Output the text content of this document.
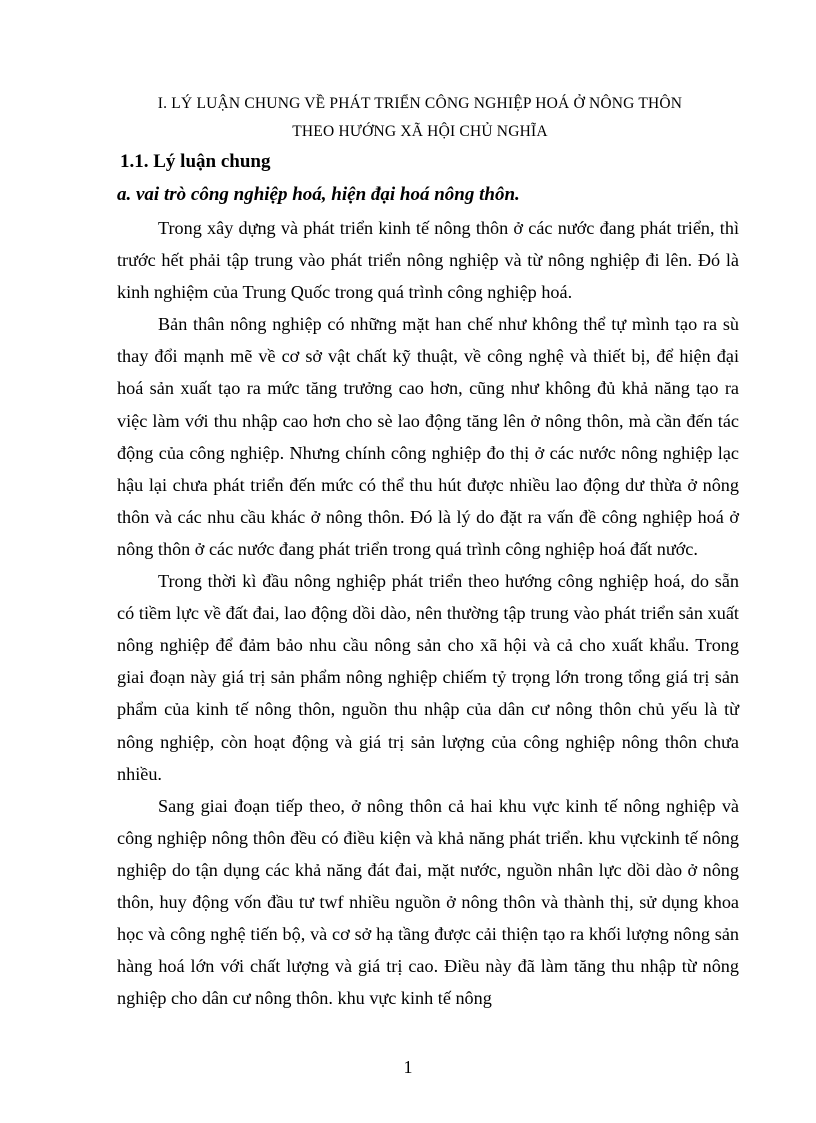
I. LÝ LUẬN CHUNG VỀ PHÁT TRIỂN CÔNG NGHIỆP HOÁ Ở NÔNG THÔN
THEO HƯỚNG XÃ HỘI CHỦ NGHĨA
1.1. Lý luận chung
a. vai trò công nghiệp hoá, hiện đại hoá nông thôn.

Trong xây dựng và phát triển kinh tế nông thôn ở các nước đang phát triển, thì trước hết phải tập trung vào phát triển nông nghiệp và từ nông nghiệp đi lên. Đó là kinh nghiệm của Trung Quốc trong quá trình công nghiệp hoá.

Bản thân nông nghiệp có những mặt han chế như không thể tự mình tạo ra sù thay đổi mạnh mẽ về cơ sở vật chất kỹ thuật, về công nghệ và thiết bị, để hiện đại hoá sản xuất tạo ra mức tăng trưởng cao hơn, cũng như không đủ khả năng tạo ra việc làm với thu nhập cao hơn cho sè lao động tăng lên ở nông thôn, mà cần đến tác động của công nghiệp. Nhưng chính công nghiệp đo thị ở các nước nông nghiệp lạc hậu lại chưa phát triển đến mức có thể thu hút được nhiều lao động dư thừa ở nông thôn và các nhu cầu khác ở nông thôn. Đó là lý do đặt ra vấn đề công nghiệp hoá ở nông thôn ở các nước đang phát triển trong quá trình công nghiệp hoá đất nước.

Trong thời kì đầu nông nghiệp phát triển theo hướng công nghiệp hoá, do sẵn có tiềm lực về đất đai, lao động dồi dào, nên thường tập trung vào phát triển sản xuất nông nghiệp để đảm bảo nhu cầu nông sản cho xã hội và cả cho xuất khẩu. Trong giai đoạn này giá trị sản phẩm nông nghiệp chiếm tỷ trọng lớn trong tổng giá trị sản phẩm của kinh tế nông thôn, nguồn thu nhập của dân cư nông thôn chủ yếu là từ nông nghiệp, còn hoạt động và giá trị sản lượng của công nghiệp nông thôn chưa nhiều.

Sang giai đoạn tiếp theo, ở nông thôn cả hai khu vực kinh tế nông nghiệp và công nghiệp nông thôn đều có điều kiện và khả năng phát triển. khu vựckinh tế nông nghiệp do tận dụng các khả năng đát đai, mặt nước, nguồn nhân lực dồi dào ở nông thôn, huy động vốn đầu tư twf nhiều nguồn ở nông thôn và thành thị, sử dụng khoa học và công nghệ tiến bộ, và cơ sở hạ tầng được cải thiện tạo ra khối lượng nông sản hàng hoá lớn với chất lượng và giá trị cao. Điều này đã làm tăng thu nhập từ nông nghiệp cho dân cư nông thôn. khu vực kinh tế nông

1
